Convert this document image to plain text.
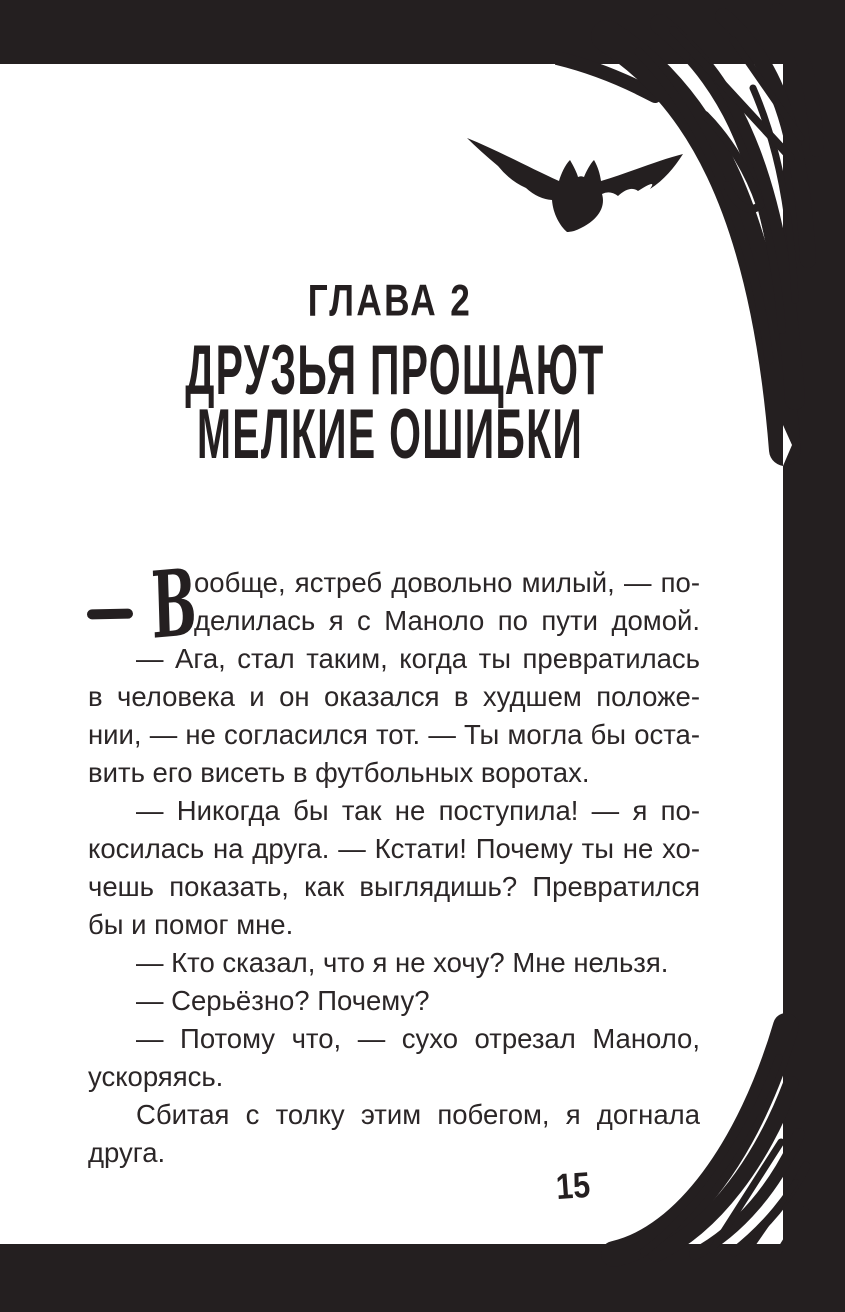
ГЛАВА 2
ДРУЗЬЯ ПРОЩАЮТ
МЕЛКИЕ ОШИБКИ
В
ообще, ястреб довольно милый, — по-
делилась я с Маноло по пути домой.
— Ага, стал таким, когда ты превратилась
в человека и он оказался в худшем положе-
нии, — не согласился тот. — Ты могла бы оста-
вить его висеть в футбольных воротах.
— Никогда бы так не поступила! — я по-
косилась на друга. — Кстати! Почему ты не хо-
чешь показать, как выглядишь? Превратился
бы и помог мне.
— Кто сказал, что я не хочу? Мне нельзя.
— Серьёзно? Почему?
— Потому что, — сухо отрезал Маноло,
ускоряясь.
Сбитая с толку этим побегом, я догнала
друга.
15
